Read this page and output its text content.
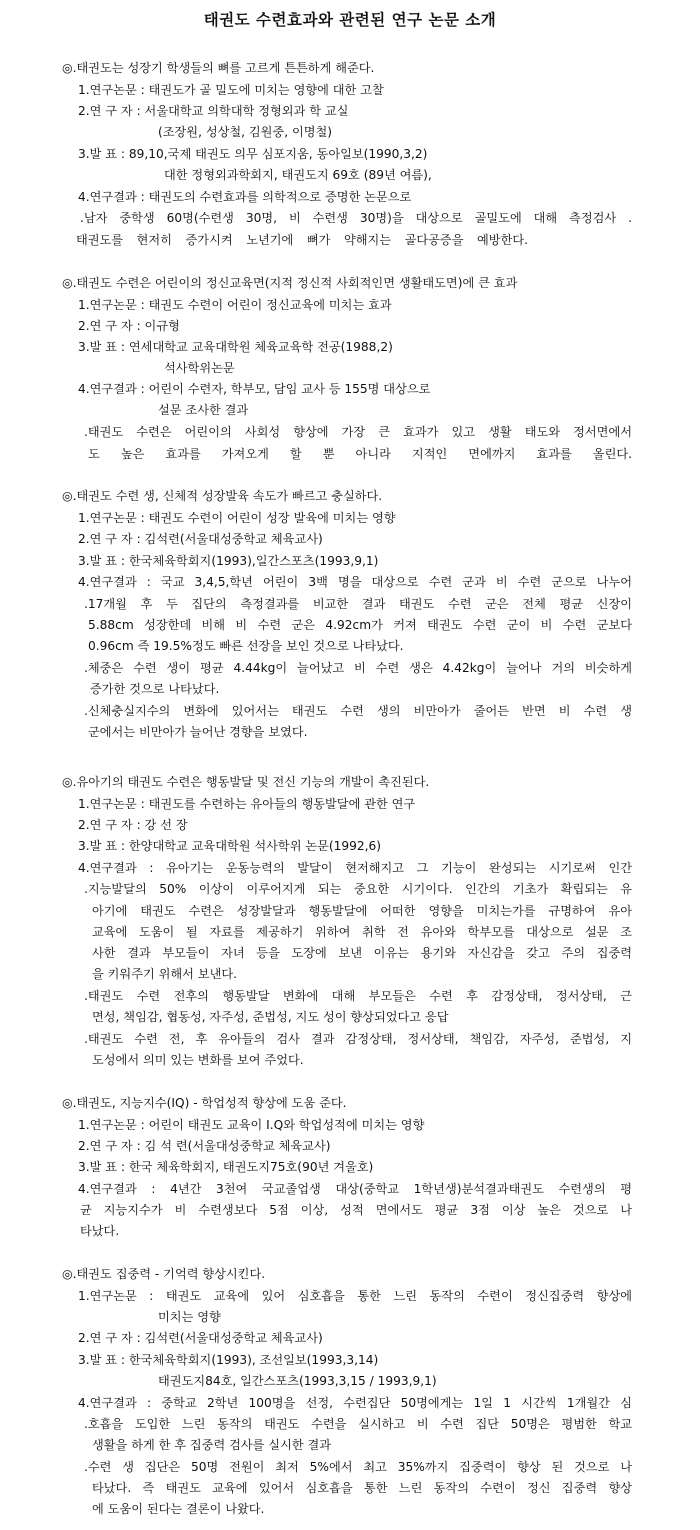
태권도 수련효과와 관련된 연구 논문 소개
◎.태권도는 성장기 학생들의 뼈를 고르게 튼튼하게 해준다.
1.연구논문 : 태권도가 골 밀도에 미치는 영향에 대한 고찰
2.연 구 자 : 서울대학교 의학대학 정형외과 학 교실
(조장원, 성상철, 김원중, 이명철)
3.발 표 : 89,10,국제 태권도 의무 심포지움, 동아일보(1990,3,2)
대한 정형외과학회지, 태권도지 69호 (89년 여름),
4.연구결과 : 태권도의 수련효과를 의학적으로 증명한 논문으로
.남자 중학생 60명(수련생 30명, 비 수련생 30명)을 대상으로 골밀도에 대해 측정검사 .
태권도를 현저히 증가시켜 노년기에 뼈가 약해지는 골다공증을 예방한다.
◎.태권도 수련은 어린이의 정신교육면(지적 정신적 사회적인면 생활태도면)에 큰 효과
1.연구논문 : 태권도 수련이 어린이 정신교육에 미치는 효과
2.연 구 자 : 이규형
3.발 표 : 연세대학교 교육대학원 체육교육학 전공(1988,2)
석사학위논문
4.연구결과 : 어린이 수련자, 학부모, 담임 교사 등 155명 대상으로
설문 조사한 결과
.태권도 수련은 어린이의 사회성 향상에 가장 큰 효과가 있고 생활 태도와 정서면에서
도 높은 효과를 가져오게 할 뿐 아니라 지적인 면에까지 효과를 올린다.
◎.태권도 수련 생, 신체적 성장발육 속도가 빠르고 충실하다.
1.연구논문 : 태권도 수련이 어린이 성장 발육에 미치는 영향
2.연 구 자 : 김석련(서울대성중학교 체육교사)
3.발 표 : 한국체육학회지(1993),일간스포츠(1993,9,1)
4.연구결과 : 국교 3,4,5,학년 어린이 3백 명을 대상으로 수련 군과 비 수련 군으로 나누어
.17개월 후 두 집단의 측정결과를 비교한 결과 태권도 수련 군은 전체 평균 신장이
5.88cm 성장한데 비해 비 수련 군은 4.92cm가 커져 태권도 수련 군이 비 수련 군보다
0.96cm 즉 19.5%정도 빠른 선장을 보인 것으로 나타났다.
.체중은 수련 생이 평균 4.44kg이 늘어났고 비 수련 생은 4.42kg이 늘어나 거의 비슷하게
증가한 것으로 나타났다.
.신체충실지수의 변화에 있어서는 태권도 수련 생의 비만아가 줄어든 반면 비 수련 생
군에서는 비만아가 늘어난 경향을 보였다.
◎.유아기의 태권도 수련은 행동발달 및 전신 기능의 개발이 촉진된다.
1.연구논문 : 태권도를 수련하는 유아들의 행동발달에 관한 연구
2.연 구 자 : 강 선 장
3.발 표 : 한양대학교 교육대학원 석사학위 논문(1992,6)
4.연구결과 : 유아기는 운동능력의 발달이 현저해지고 그 기능이 완성되는 시기로써 인간
.지능발달의 50% 이상이 이루어지게 되는 중요한 시기이다. 인간의 기초가 확립되는 유
아기에 태권도 수련은 성장발달과 행동발달에 어떠한 영향을 미치는가를 규명하여 유아
교육에 도움이 될 자료를 제공하기 위하여 취학 전 유아와 학부모를 대상으로 설문 조
사한 결과 부모들이 자녀 등을 도장에 보낸 이유는 용기와 자신감을 갖고 주의 집중력
을 키워주기 위해서 보낸다.
.태권도 수련 전후의 행동발달 변화에 대해 부모들은 수련 후 감정상태, 정서상태, 근
면성, 책임감, 협동성, 자주성, 준법성, 지도 성이 향상되었다고 응답
.태권도 수련 전, 후 유아들의 검사 결과 감정상태, 정서상태, 책임감, 자주성, 준법성, 지
도성에서 의미 있는 변화를 보여 주었다.
◎.태권도, 지능지수(IQ) - 학업성적 향상에 도움 준다.
1.연구논문 : 어린이 태권도 교육이 I.Q와 학업성적에 미치는 영향
2.연 구 자 : 김 석 련(서울대성중학교 체육교사)
3.발 표 : 한국 체육학회지, 태권도지75호(90년 겨울호)
4.연구결과 : 4년간 3천여 국교졸업생 대상(중학교 1학년생)분석결과태권도 수련생의 평
균 지능지수가 비 수련생보다 5점 이상, 성적 면에서도 평균 3점 이상 높은 것으로 나
타났다.
◎.태권도 집중력 - 기억력 향상시킨다.
1.연구논문 : 태권도 교육에 있어 심호흡을 통한 느린 동작의 수련이 정신집중력 향상에
미치는 영향
2.연 구 자 : 김석련(서울대성중학교 체육교사)
3.발 표 : 한국체육학회지(1993), 조선일보(1993,3,14)
태권도지84호, 일간스포츠(1993,3,15 / 1993,9,1)
4.연구결과 : 중학교 2학년 100명을 선정, 수련집단 50명에게는 1일 1 시간씩 1개월간 심
.호흡을 도입한 느린 동작의 태권도 수련을 실시하고 비 수련 집단 50명은 평범한 학교
생활을 하게 한 후 집중력 검사를 실시한 결과
.수련 생 집단은 50명 전원이 최저 5%에서 최고 35%까지 집중력이 향상 된 것으로 나
타났다. 즉 태권도 교육에 있어서 심호흡을 통한 느린 동작의 수련이 정신 집중력 향상
에 도움이 된다는 결론이 나왔다.
